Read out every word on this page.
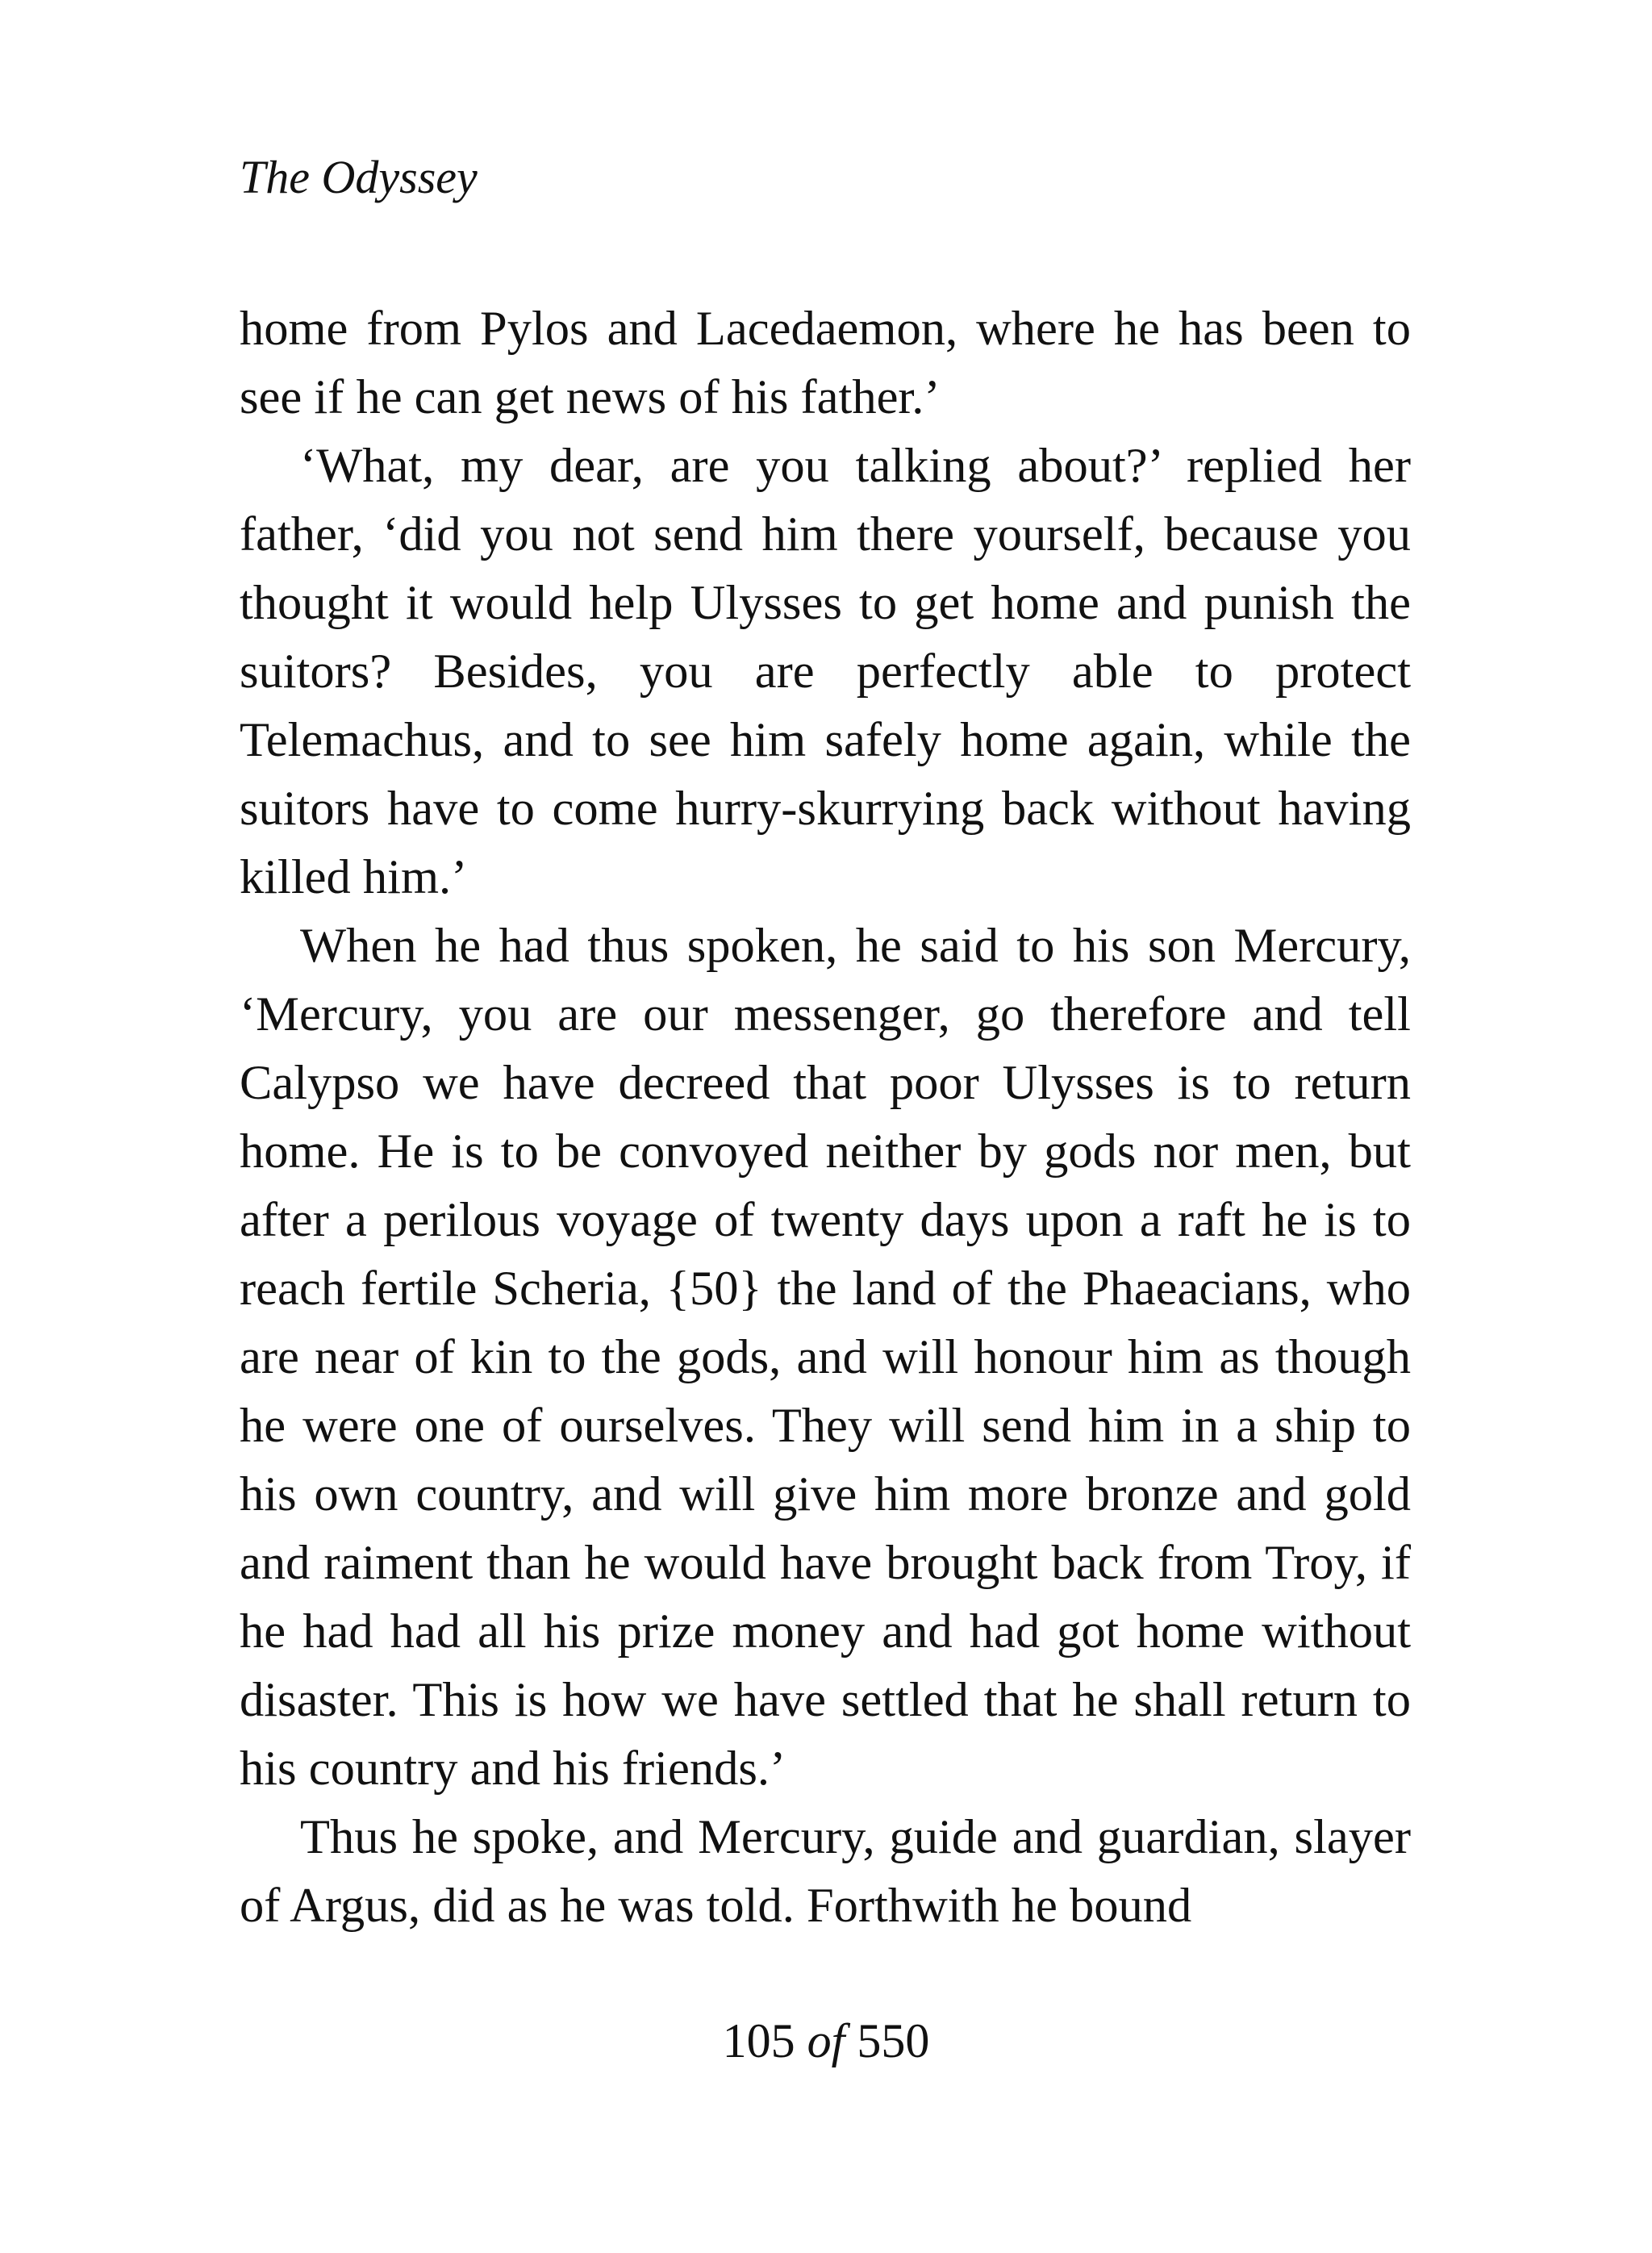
The Odyssey

home from Pylos and Lacedaemon, where he has been to see if he can get news of his father.’

‘What, my dear, are you talking about?’ replied her father, ‘did you not send him there yourself, because you thought it would help Ulysses to get home and punish the suitors? Besides, you are perfectly able to protect Telemachus, and to see him safely home again, while the suitors have to come hurry-skurrying back without having killed him.’

When he had thus spoken, he said to his son Mercury, ‘Mercury, you are our messenger, go therefore and tell Calypso we have decreed that poor Ulysses is to return home. He is to be convoyed neither by gods nor men, but after a perilous voyage of twenty days upon a raft he is to reach fertile Scheria, {50} the land of the Phaeacians, who are near of kin to the gods, and will honour him as though he were one of ourselves. They will send him in a ship to his own country, and will give him more bronze and gold and raiment than he would have brought back from Troy, if he had had all his prize money and had got home without disaster. This is how we have settled that he shall return to his country and his friends.’

Thus he spoke, and Mercury, guide and guardian, slayer of Argus, did as he was told. Forthwith he bound

105 of 550
